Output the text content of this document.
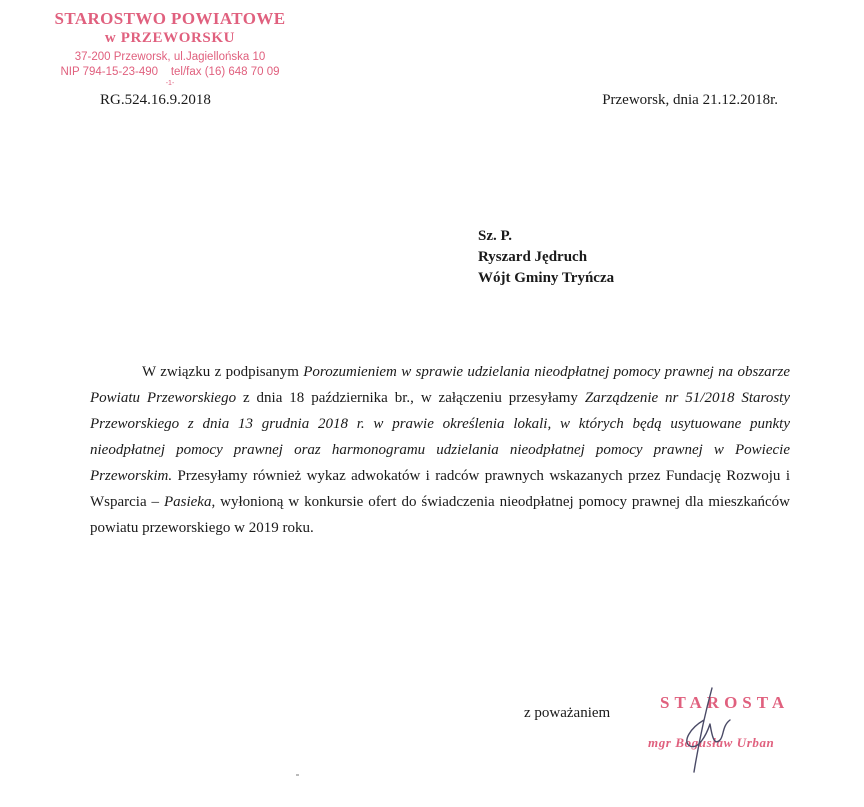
STAROSTWO POWIATOWE
w PRZEWORSKU
37-200 Przeworsk, ul.Jagiellońska 10
NIP 794-15-23-490    tel/fax (16) 648 70 09
-1-
RG.524.16.9.2018	Przeworsk, dnia 21.12.2018r.
Sz. P.
Ryszard Jędruch
Wójt Gminy Tryńcza
W związku z podpisanym Porozumieniem w sprawie udzielania nieodpłatnej pomocy prawnej na obszarze Powiatu Przeworskiego z dnia 18 października br., w załączeniu przesyłamy Zarządzenie nr 51/2018 Starosty Przeworskiego z dnia 13 grudnia 2018 r. w prawie określenia lokali, w których będą usytuowane punkty nieodpłatnej pomocy prawnej oraz harmonogramu udzielania nieodpłatnej pomocy prawnej w Powiecie Przeworskim. Przesyłamy również wykaz adwokatów i radców prawnych wskazanych przez Fundację Rozwoju i Wsparcia – Pasieka, wyłonioną w konkursie ofert do świadczenia nieodpłatnej pomocy prawnej dla mieszkańców powiatu przeworskiego w 2019 roku.
z poważaniem
STAROSTA
mgr Bogusław Urban
